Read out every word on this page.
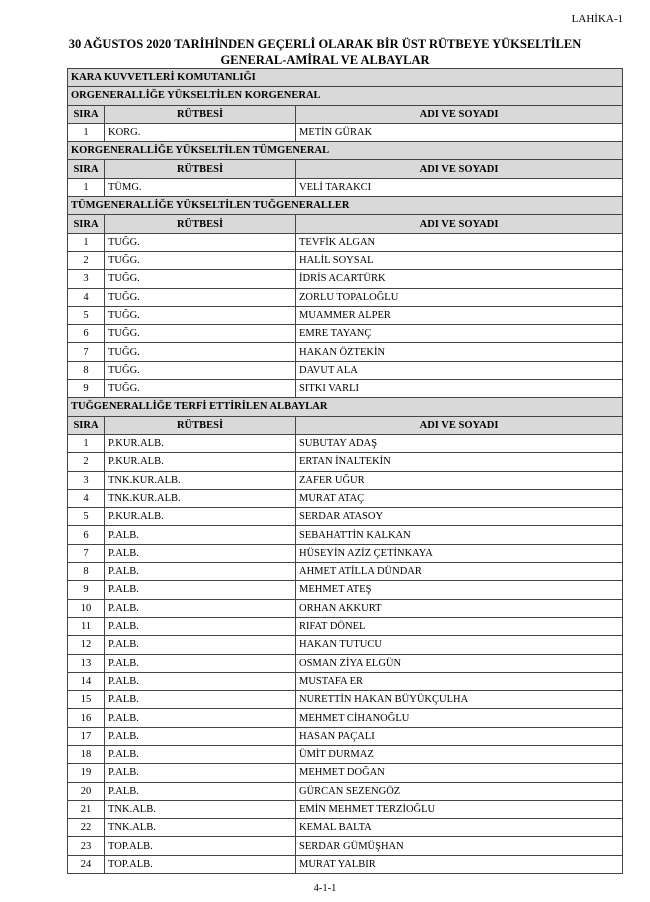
LAHİKA-1
30 AĞUSTOS 2020 TARİHİNDEN GEÇERLİ OLARAK BİR ÜST RÜTBEYE YÜKSELTİLEN
GENERAL-AMİRAL VE ALBAYLAR
KARA KUVVETLERİ KOMUTANLIĞI		
ORGENERALLİĞE YÜKSELTİLEN KORGENERAL		
SIRA	RÜTBESİ	ADI VE SOYADI
1	KORG.	METİN GÜRAK
KORGENERALLİĞE YÜKSELTİLEN TÜMGENERAL		
SIRA	RÜTBESİ	ADI VE SOYADI
1	TÜMG.	VELİ TARAKCI
TÜMGENERALLİĞE YÜKSELTİLEN TUĞGENERALLER		
SIRA	RÜTBESİ	ADI VE SOYADI
1	TUĞG.	TEVFİK ALGAN
2	TUĞG.	HALİL SOYSAL
3	TUĞG.	İDRİS ACARTÜRK
4	TUĞG.	ZORLU TOPALOĞLU
5	TUĞG.	MUAMMER ALPER
6	TUĞG.	EMRE TAYANÇ
7	TUĞG.	HAKAN ÖZTEKİN
8	TUĞG.	DAVUT ALA
9	TUĞG.	SITKI VARLI
TUĞGENERALLİĞE TERFİ ETTİRİLEN ALBAYLAR		
SIRA	RÜTBESİ	ADI VE SOYADI
1	P.KUR.ALB.	SUBUTAY ADAŞ
2	P.KUR.ALB.	ERTAN İNALTEKİN
3	TNK.KUR.ALB.	ZAFER UĞUR
4	TNK.KUR.ALB.	MURAT ATAÇ
5	P.KUR.ALB.	SERDAR ATASOY
6	P.ALB.	SEBAHATTİN KALKAN
7	P.ALB.	HÜSEYİN AZİZ ÇETİNKAYA
8	P.ALB.	AHMET ATİLLA DÜNDAR
9	P.ALB.	MEHMET ATEŞ
10	P.ALB.	ORHAN AKKURT
11	P.ALB.	RIFAT DÖNEL
12	P.ALB.	HAKAN TUTUCU
13	P.ALB.	OSMAN ZİYA ELGÜN
14	P.ALB.	MUSTAFA ER
15	P.ALB.	NURETTİN HAKAN BÜYÜKÇULHA
16	P.ALB.	MEHMET CİHANOĞLU
17	P.ALB.	HASAN PAÇALI
18	P.ALB.	ÜMİT DURMAZ
19	P.ALB.	MEHMET DOĞAN
20	P.ALB.	GÜRCAN SEZENGÖZ
21	TNK.ALB.	EMİN MEHMET TERZİOĞLU
22	TNK.ALB.	KEMAL BALTA
23	TOP.ALB.	SERDAR GÜMÜŞHAN
24	TOP.ALB.	MURAT YALBIR
4-1-1
